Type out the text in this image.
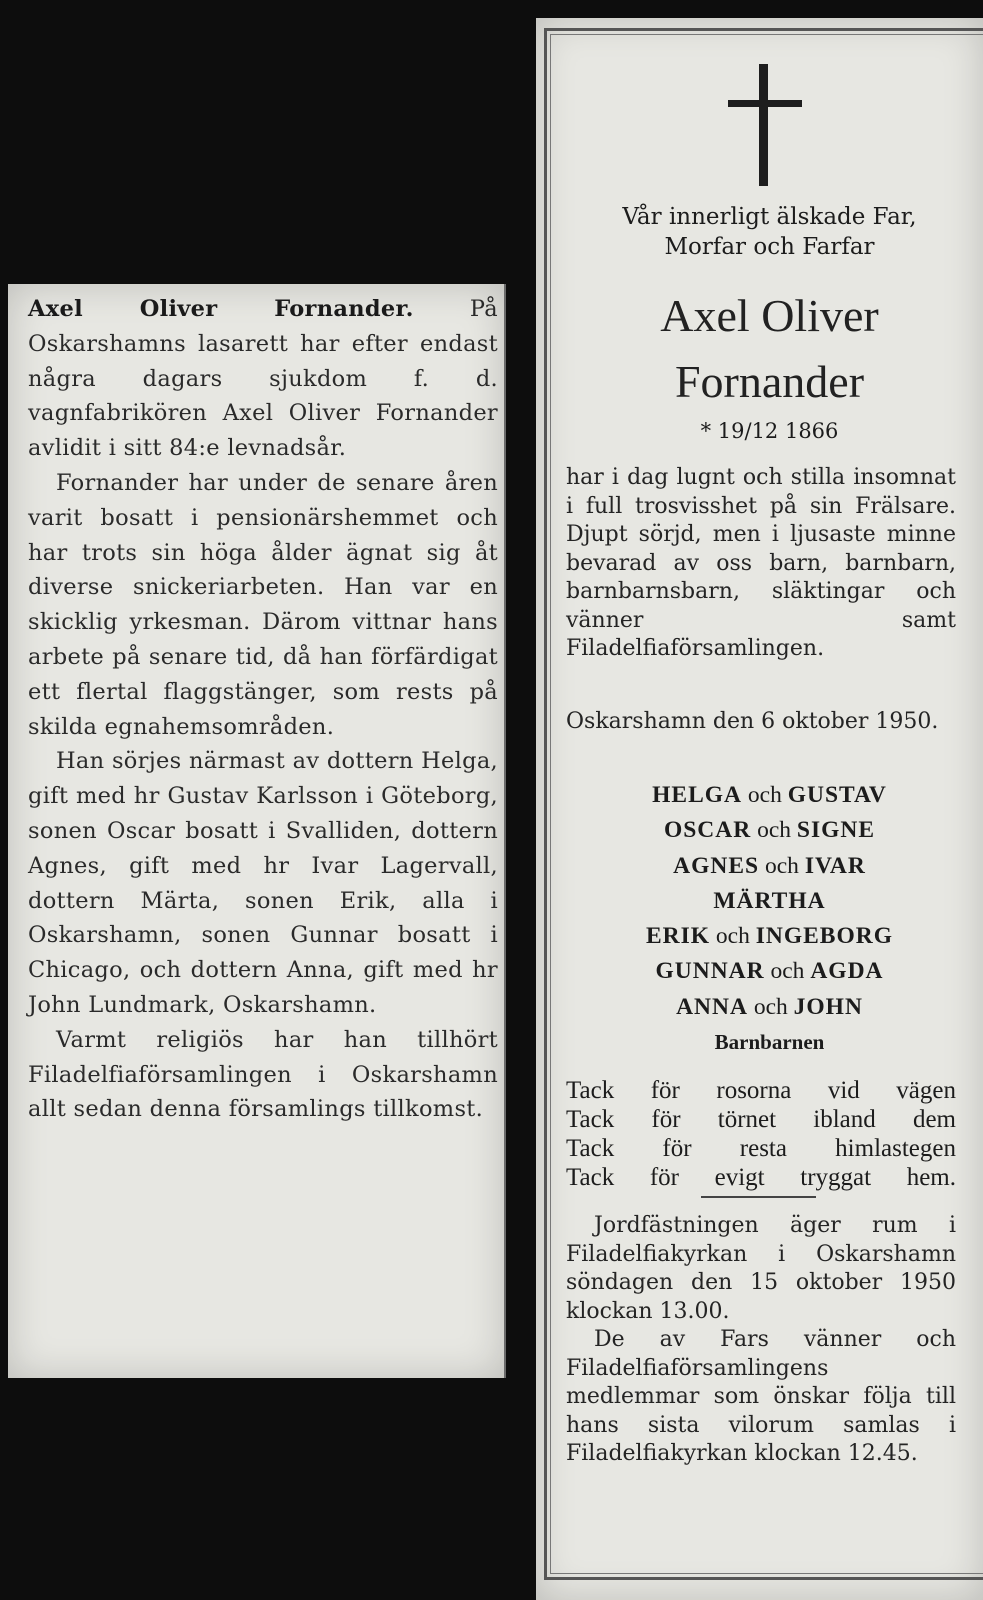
Axel Oliver Fornander. På Oskarshamns lasarett har efter endast några dagars sjukdom f. d. vagnfabrikören Axel Oliver Fornander avlidit i sitt 84:e levnadsår.

Fornander har under de senare åren varit bosatt i pensionärshemmet och har trots sin höga ålder ägnat sig åt diverse snickeriarbeten. Han var en skicklig yrkesman. Därom vittnar hans arbete på senare tid, då han förfärdigat ett flertal flaggstänger, som rests på skilda egnahemsområden.

Han sörjes närmast av dottern Helga, gift med hr Gustav Karlsson i Göteborg, sonen Oscar bosatt i Svalliden, dottern Agnes, gift med hr Ivar Lagervall, dottern Märta, sonen Erik, alla i Oskarshamn, sonen Gunnar bosatt i Chicago, och dottern Anna, gift med hr John Lundmark, Oskarshamn.

Varmt religiös har han tillhört Filadelfiaförsamlingen i Oskarshamn allt sedan denna församlings tillkomst.

Vår innerligt älskade Far,
Morfar och Farfar
Axel Oliver
Fornander
* 19/12 1866

har i dag lugnt och stilla insomnat i full trosvisshet på sin Frälsare. Djupt sörjd, men i ljusaste minne bevarad av oss barn, barnbarn, barnbarnsbarn, släktingar och vänner samt Filadelfiaförsamlingen.

Oskarshamn den 6 oktober 1950.

HELGA och GUSTAV
OSCAR och SIGNE
AGNES och IVAR
MÄRTHA
ERIK och INGEBORG
GUNNAR och AGDA
ANNA och JOHN
Barnbarnen
Tack för rosorna vid vägen
Tack för törnet ibland dem
Tack för resta himlastegen
Tack för evigt tryggat hem.

Jordfästningen äger rum i Filadelfiakyrkan i Oskarshamn söndagen den 15 oktober 1950 klockan 13.00.

De av Fars vänner och Filadelfiaförsamlingens medlemmar som önskar följa till hans sista vilorum samlas i Filadelfiakyrkan klockan 12.45.
